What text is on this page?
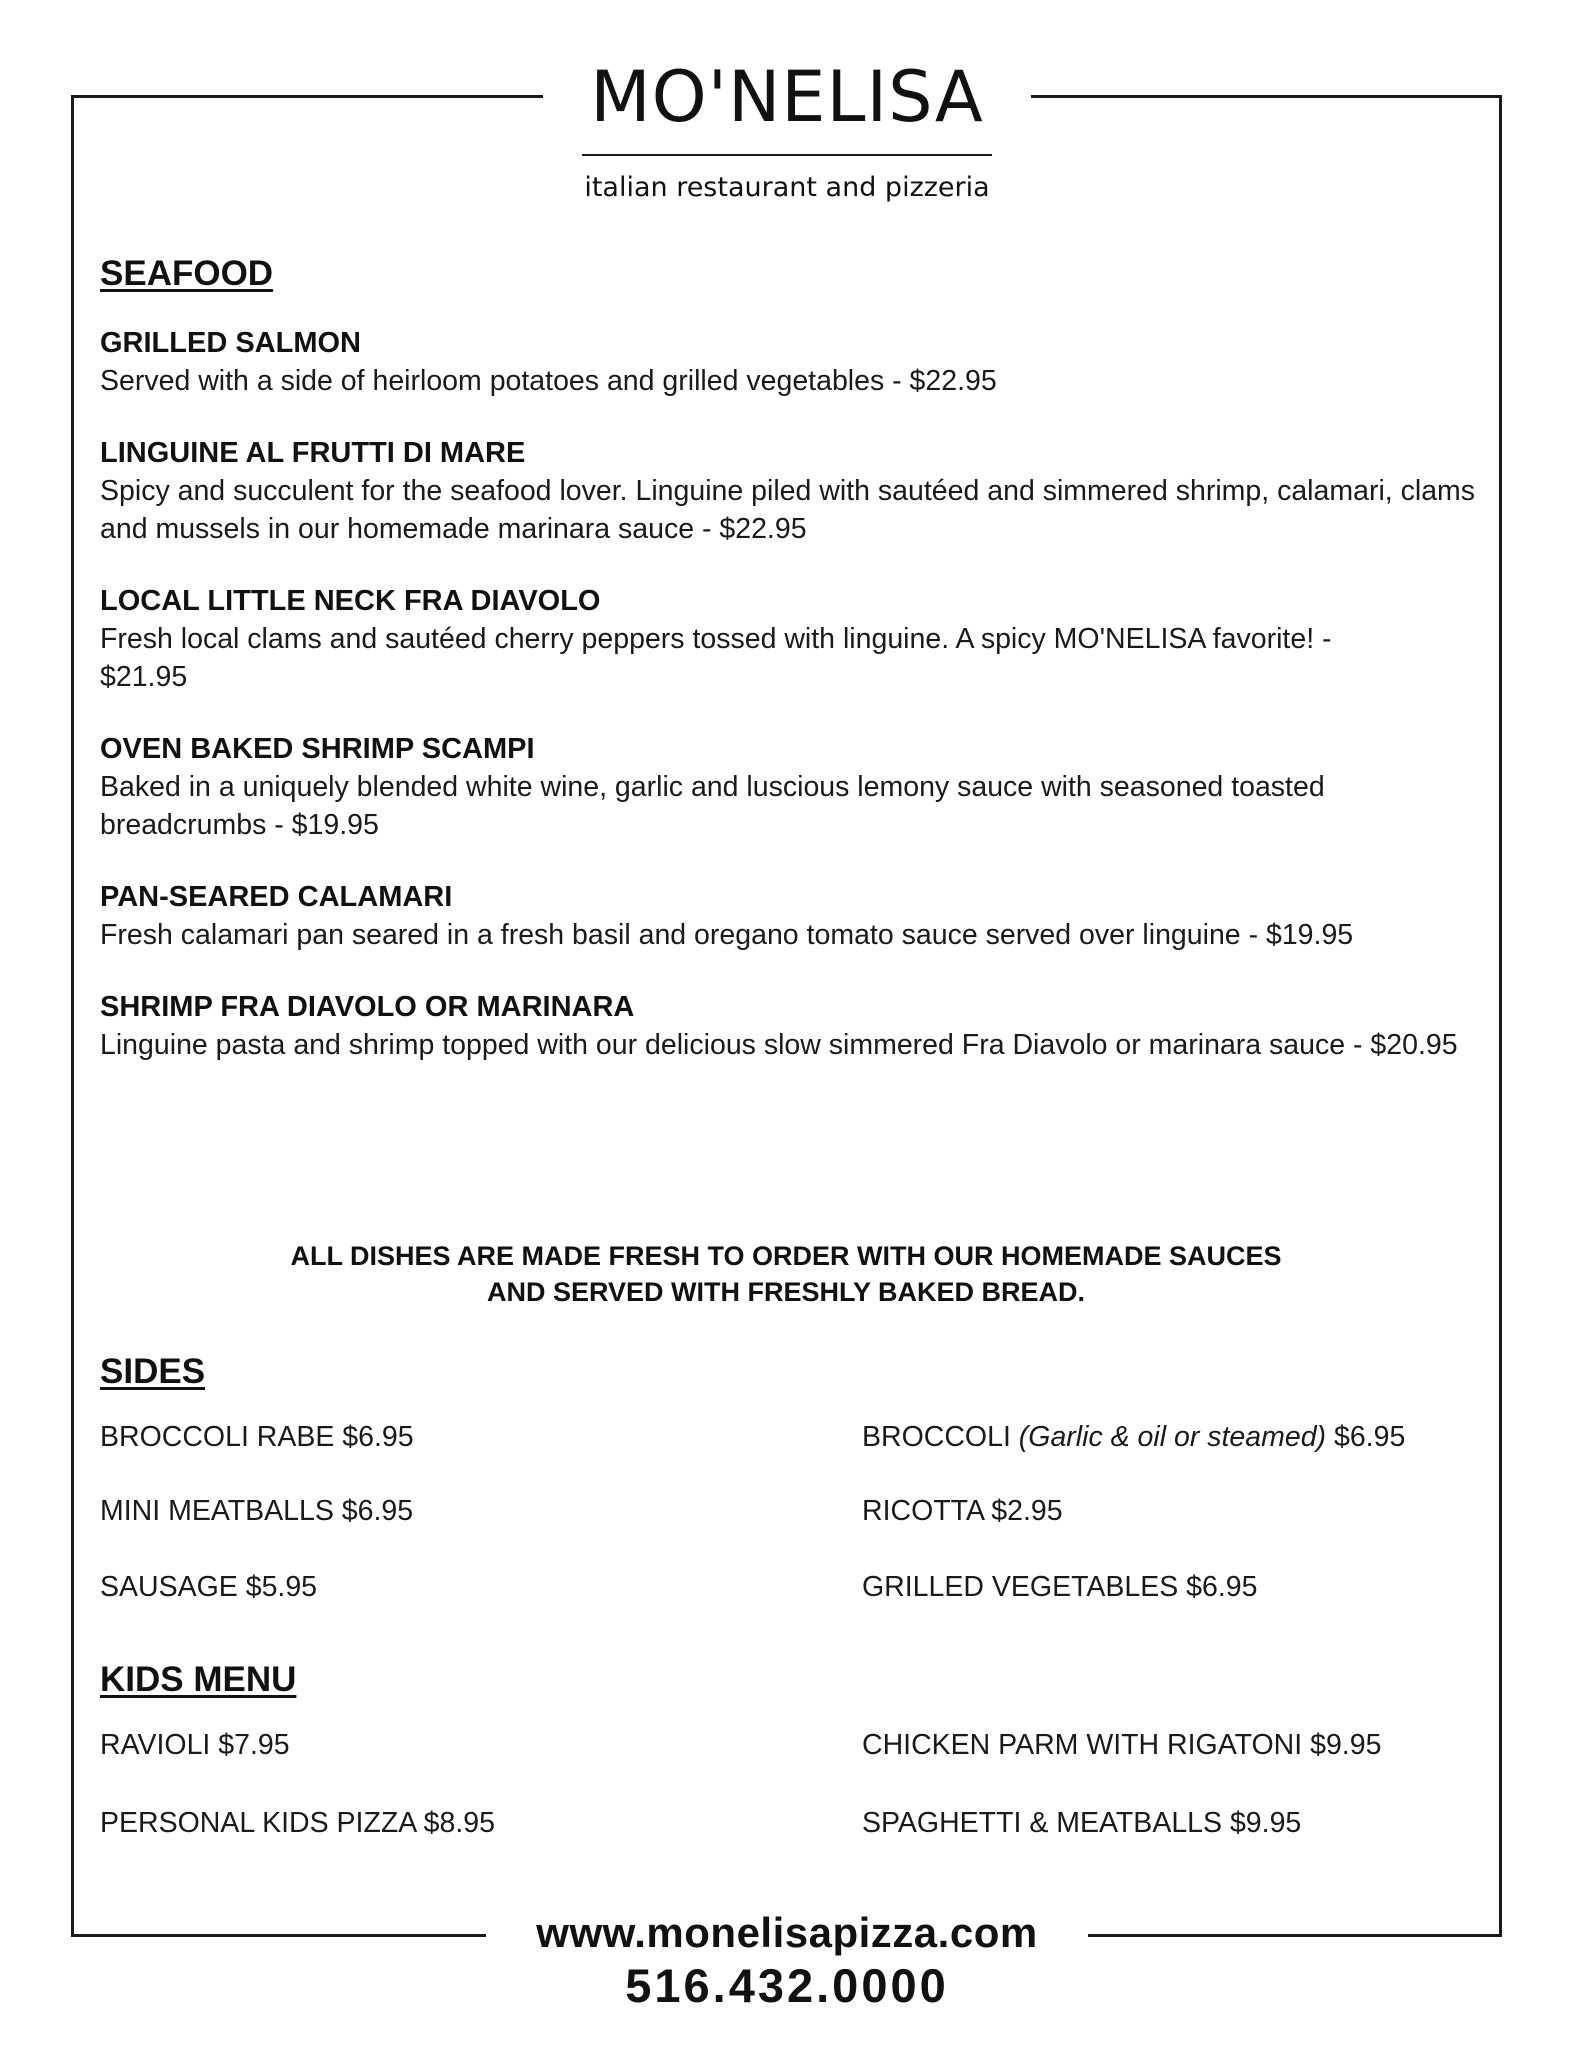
MO'NELISA
italian restaurant and pizzeria
SEAFOOD

GRILLED SALMON

Served with a side of heirloom potatoes and grilled vegetables - $22.95

LINGUINE AL FRUTTI DI MARE

Spicy and succulent for the seafood lover. Linguine piled with sautéed and simmered shrimp, calamari, clams and mussels in our homemade marinara sauce - $22.95

LOCAL LITTLE NECK FRA DIAVOLO

Fresh local clams and sautéed cherry peppers tossed with linguine. A spicy MO'NELISA favorite! - $21.95

OVEN BAKED SHRIMP SCAMPI

Baked in a uniquely blended white wine, garlic and luscious lemony sauce with seasoned toasted breadcrumbs - $19.95

PAN-SEARED CALAMARI

Fresh calamari pan seared in a fresh basil and oregano tomato sauce served over linguine - $19.95

SHRIMP FRA DIAVOLO OR MARINARA

Linguine pasta and shrimp topped with our delicious slow simmered Fra Diavolo or marinara sauce - $20.95

ALL DISHES ARE MADE FRESH TO ORDER WITH OUR HOMEMADE SAUCES
AND SERVED WITH FRESHLY BAKED BREAD.
SIDES
BROCCOLI RABE $6.95	BROCCOLI (Garlic & oil or steamed) $6.95
MINI MEATBALLS $6.95	RICOTTA $2.95
SAUSAGE $5.95	GRILLED VEGETABLES $6.95
KIDS MENU
RAVIOLI $7.95	CHICKEN PARM WITH RIGATONI $9.95
PERSONAL KIDS PIZZA $8.95	SPAGHETTI & MEATBALLS $9.95
www.monelisapizza.com
516.432.0000
